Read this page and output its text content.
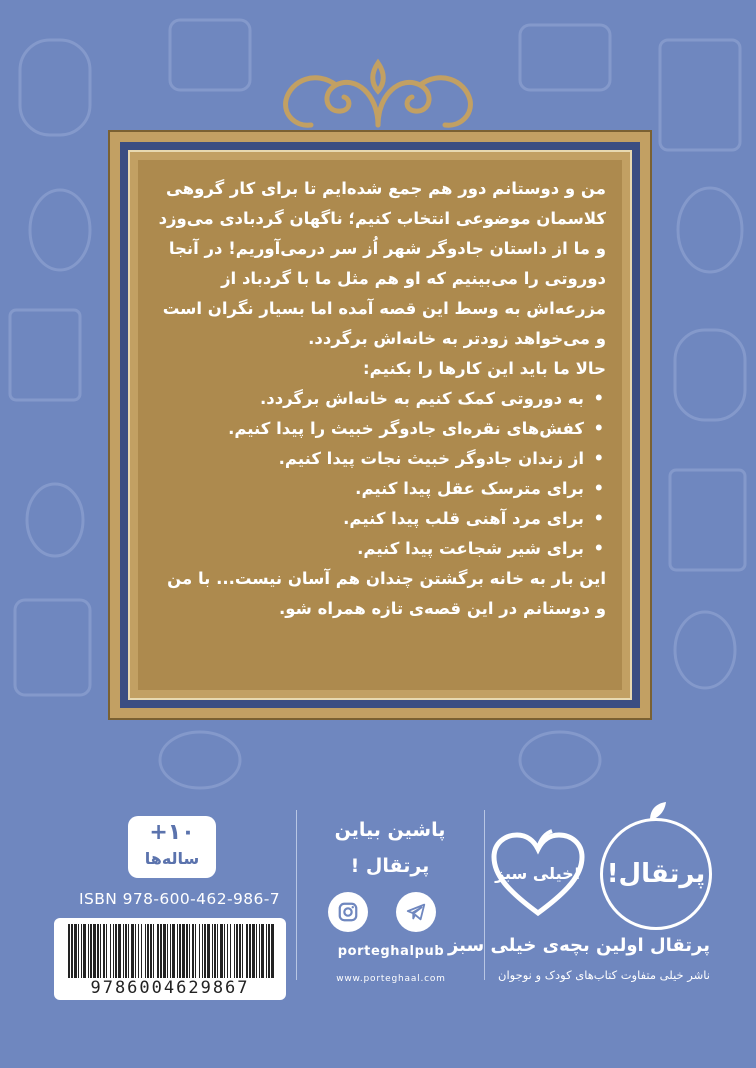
من و دوستانم دور هم جمع شده‌ایم تا برای کار گروهی کلاسمان موضوعی انتخاب کنیم؛ ناگهان گردبادی می‌وزد و ما از داستان جادوگر شهر اُز سر درمی‌آوریم! در آنجا دوروتی را می‌بینیم که او هم مثل ما با گردباد از مزرعه‌اش به وسط این قصه آمده اما بسیار نگران است و می‌خواهد زودتر به خانه‌اش برگردد.

حالا ما باید این کارها را بکنیم:

• به دوروتی کمک کنیم به خانه‌اش برگردد.
• کفش‌های نقره‌ای جادوگر خبیث را پیدا کنیم.
• از زندان جادوگر خبیث نجات پیدا کنیم.
• برای مترسک عقل پیدا کنیم.
• برای مرد آهنی قلب پیدا کنیم.
• برای شیر شجاعت پیدا کنیم.

این بار به خانه برگشتن چندان هم آسان نیست... با من و دوستانم در این قصه‌ی تازه همراه شو.

پرتقال!
پرتقال اولین بچه‌ی خیلی سبز
ناشر خیلی متفاوت کتاب‌های کودک و نوجوان
خیلی سبز!
پاشین بیاین
پرتقال !
porteghalpub
www.porteghaal.com
+۱۰
ساله‌ها
ISBN 978-600-462-986-7
9786004629867
